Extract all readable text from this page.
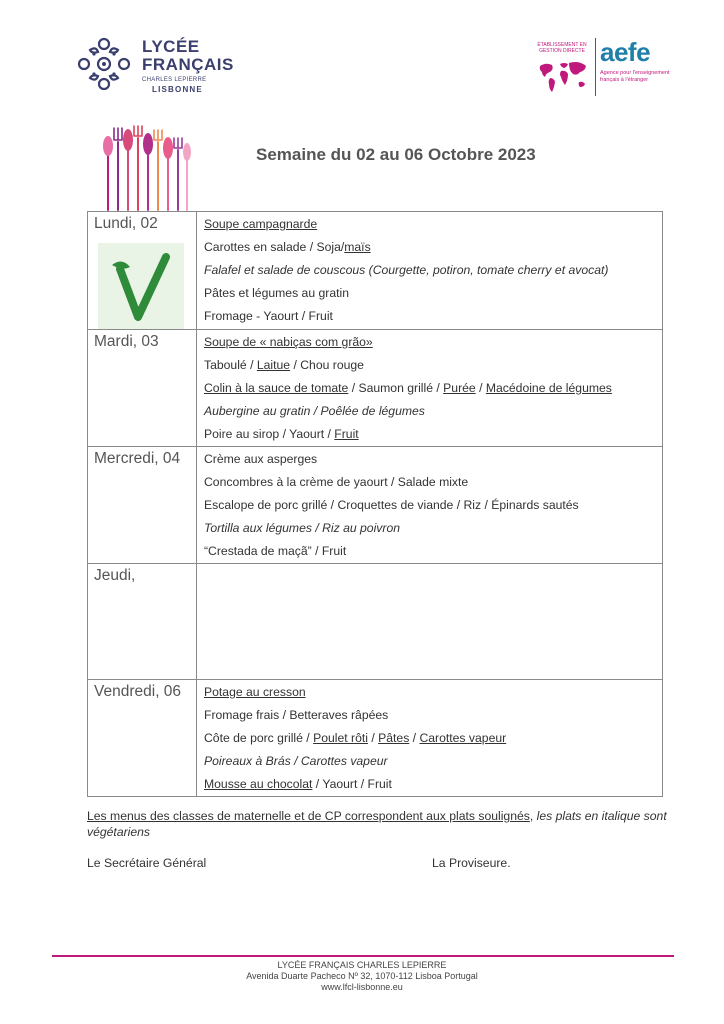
LYCÉE
FRANÇAIS
CHARLES LEPIERRE
LISBONNE
ÉTABLISSEMENT EN GESTION DIRECTE aefe
Agence pour l'enseignement français à l'étranger
Semaine du 02 au 06 Octobre 2023
Lundi, 02	Soupe campagnarde
Carottes en salade / Soja/maïs
Falafel et salade de couscous (Courgette, potiron, tomate cherry et avocat)
Pâtes et légumes au gratin
Fromage - Yaourt / Fruit

Mardi, 03	Soupe de « nabiças com grão»
Taboulé / Laitue / Chou rouge
Colin à la sauce de tomate / Saumon grillé / Purée / Macédoine de légumes
Aubergine au gratin / Poêlée de légumes
Poire au sirop / Yaourt / Fruit

Mercredi, 04	Crème aux asperges
Concombres à la crème de yaourt / Salade mixte
Escalope de porc grillé / Croquettes de viande / Riz / Épinards sautés
Tortilla aux légumes / Riz au poivron
“Crestada de maçã” / Fruit

Jeudi,	

Vendredi, 06	Potage au cresson
Fromage frais / Betteraves râpées
Côte de porc grillé / Poulet rôti / Pâtes / Carottes vapeur
Poireaux à Brás / Carottes vapeur
Mousse au chocolat / Yaourt / Fruit
Les menus des classes de maternelle et de CP correspondent aux plats soulignés, les plats en italique sont végétariens
Le Secrétaire Général	La Proviseure.
LYCÉE FRANÇAIS CHARLES LEPIERRE
Avenida Duarte Pacheco Nº 32, 1070-112 Lisboa Portugal
www.lfcl-lisbonne.eu
